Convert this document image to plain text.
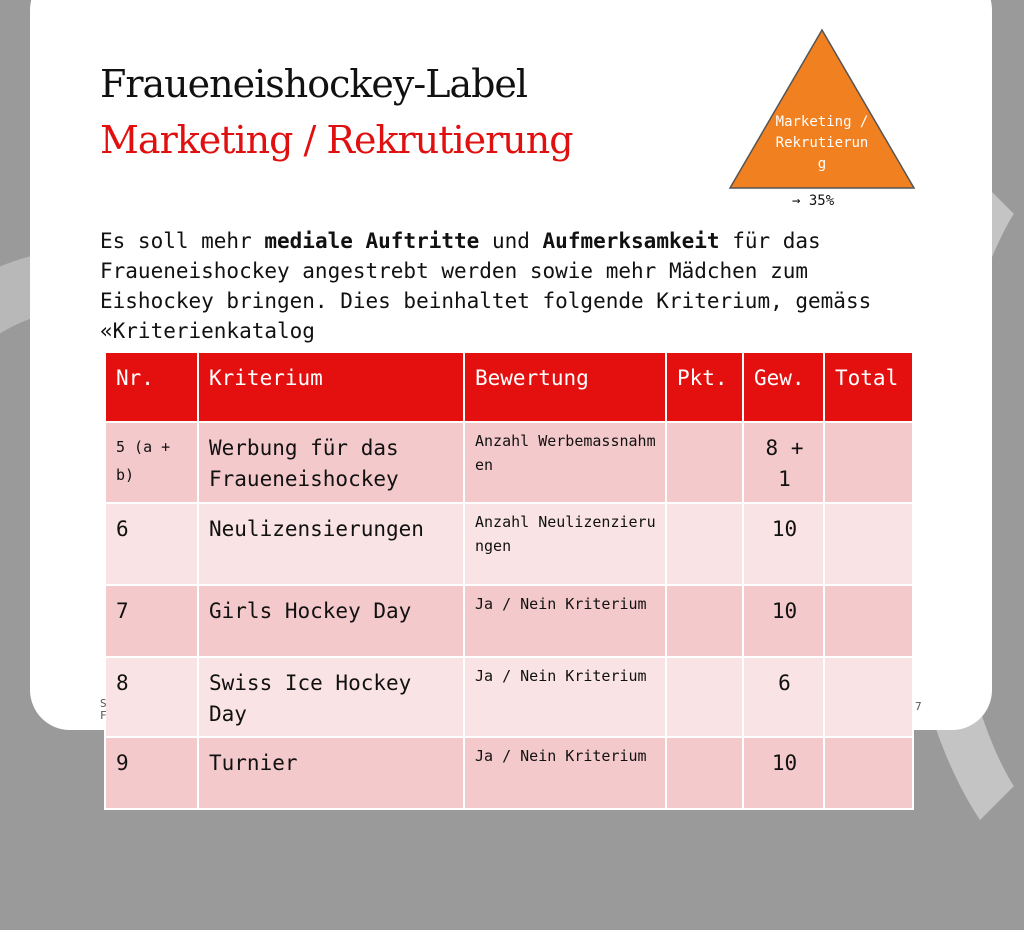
Fraueneishockey-Label
Marketing / Rekrutierung	Marketing / Rekrutierung
→ 35%
Es soll mehr mediale Auftritte und Aufmerksamkeit für das Fraueneishockey angestrebt werden sowie mehr Mädchen zum Eishockey bringen. Dies beinhaltet folgende Kriterium, gemäss «Kriterienkatalog
Nr.	Kriterium	Bewertung	Pkt.	Gew.	Total
5 (a + b)	Werbung für das Fraueneishockey	Anzahl Werbemassnahmen		8 + 1	
6	Neulizensierungen	Anzahl Neulizenzierungen		10	
7	Girls Hockey Day	Ja / Nein Kriterium		10	
8	Swiss Ice Hockey Day	Ja / Nein Kriterium		6	
9	Turnier	Ja / Nein Kriterium		10	
S
F
7
